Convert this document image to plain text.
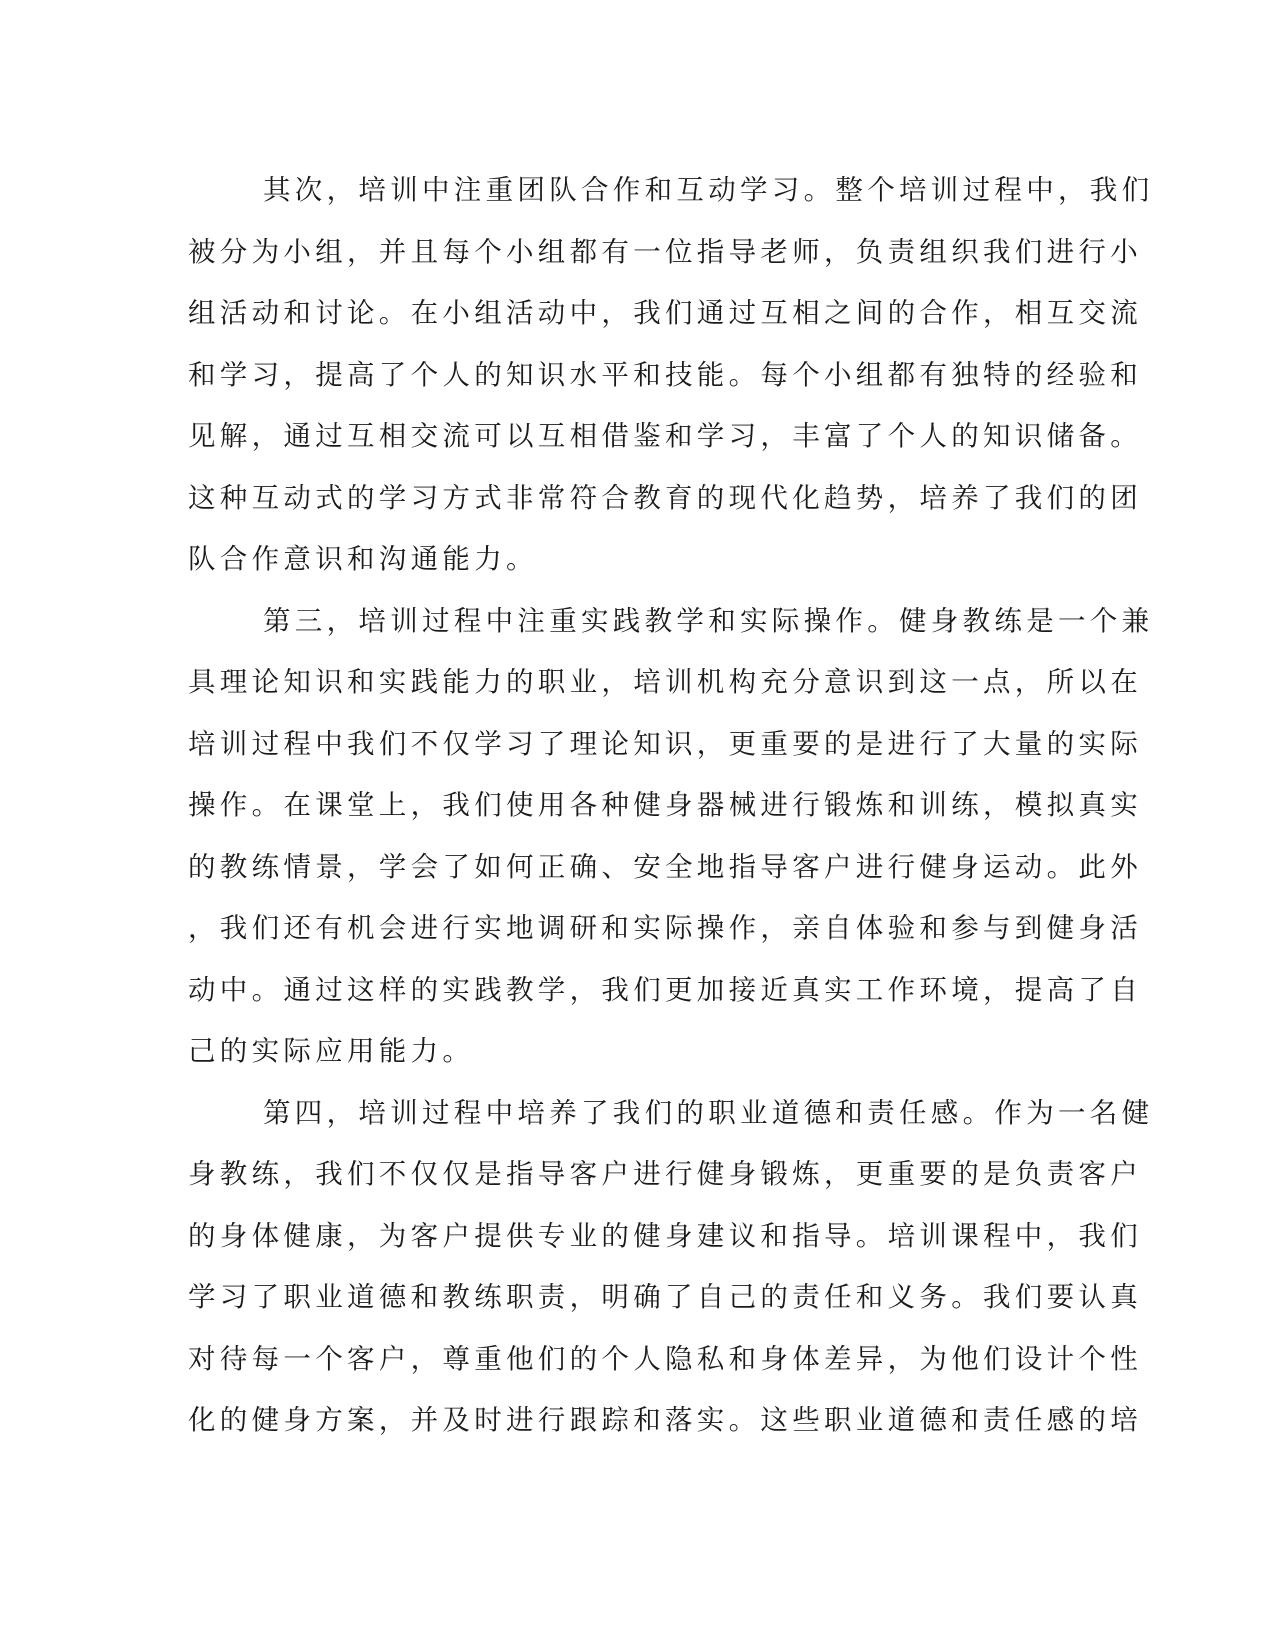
其次，培训中注重团队合作和互动学习。整个培训过程中，我们
被分为小组，并且每个小组都有一位指导老师，负责组织我们进行小
组活动和讨论。在小组活动中，我们通过互相之间的合作，相互交流
和学习，提高了个人的知识水平和技能。每个小组都有独特的经验和
见解，通过互相交流可以互相借鉴和学习，丰富了个人的知识储备。
这种互动式的学习方式非常符合教育的现代化趋势，培养了我们的团
队合作意识和沟通能力。
第三，培训过程中注重实践教学和实际操作。健身教练是一个兼
具理论知识和实践能力的职业，培训机构充分意识到这一点，所以在
培训过程中我们不仅学习了理论知识，更重要的是进行了大量的实际
操作。在课堂上，我们使用各种健身器械进行锻炼和训练，模拟真实
的教练情景，学会了如何正确、安全地指导客户进行健身运动。此外
，我们还有机会进行实地调研和实际操作，亲自体验和参与到健身活
动中。通过这样的实践教学，我们更加接近真实工作环境，提高了自
己的实际应用能力。
第四，培训过程中培养了我们的职业道德和责任感。作为一名健
身教练，我们不仅仅是指导客户进行健身锻炼，更重要的是负责客户
的身体健康，为客户提供专业的健身建议和指导。培训课程中，我们
学习了职业道德和教练职责，明确了自己的责任和义务。我们要认真
对待每一个客户，尊重他们的个人隐私和身体差异，为他们设计个性
化的健身方案，并及时进行跟踪和落实。这些职业道德和责任感的培
